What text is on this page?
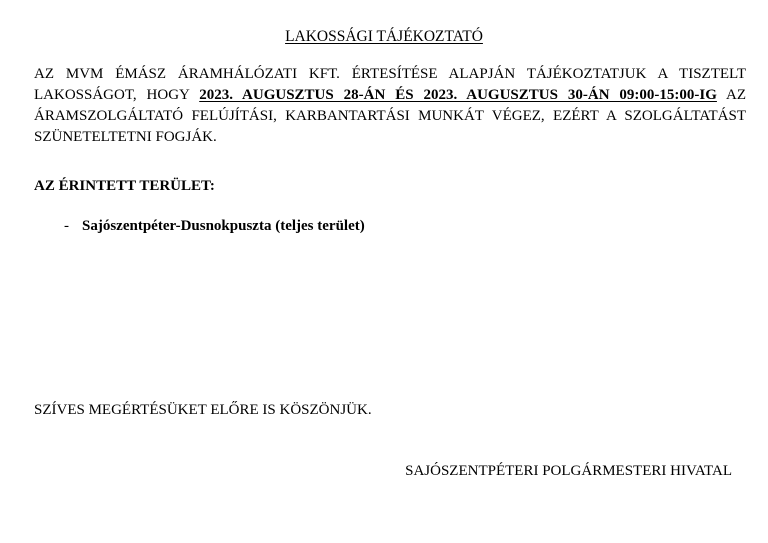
LAKOSSÁGI TÁJÉKOZTATÓ
AZ MVM ÉMÁSZ ÁRAMHÁLÓZATI KFT. ÉRTESÍTÉSE ALAPJÁN TÁJÉKOZTATJUK A TISZTELT LAKOSSÁGOT, HOGY 2023. AUGUSZTUS 28-ÁN ÉS 2023. AUGUSZTUS 30-ÁN 09:00-15:00-IG AZ ÁRAMSZOLGÁLTATÓ FELÚJÍTÁSI, KARBANTARTÁSI MUNKÁT VÉGEZ, EZÉRT A SZOLGÁLTATÁST SZÜNETELTETNI FOGJÁK.
AZ ÉRINTETT TERÜLET:
- Sajószentpéter-Dusnokpuszta (teljes terület)
SZÍVES MEGÉRTÉSÜKET ELŐRE IS KÖSZÖNJÜK.
SAJÓSZENTPÉTERI POLGÁRMESTERI HIVATAL
